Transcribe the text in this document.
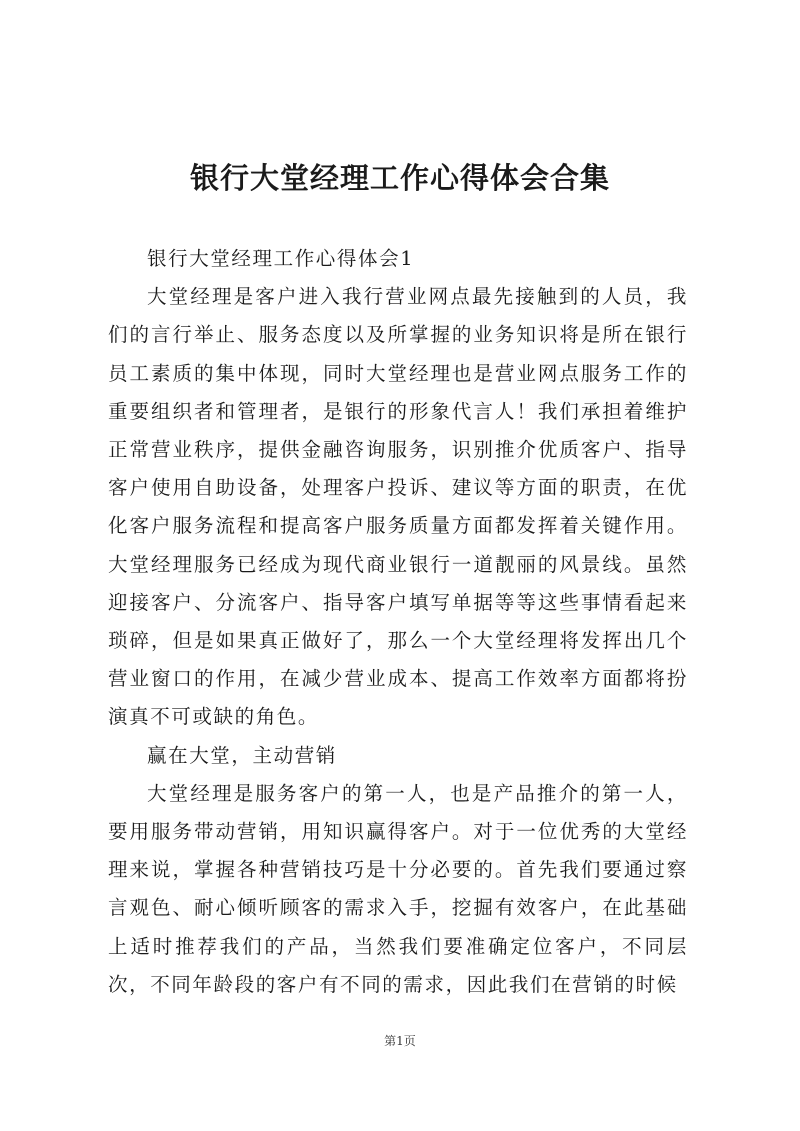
银行大堂经理工作心得体会合集

银行大堂经理工作心得体会1

大堂经理是客户进入我行营业网点最先接触到的人员，我们的言行举止、服务态度以及所掌握的业务知识将是所在银行员工素质的集中体现，同时大堂经理也是营业网点服务工作的重要组织者和管理者，是银行的形象代言人！我们承担着维护正常营业秩序，提供金融咨询服务，识别推介优质客户、指导客户使用自助设备，处理客户投诉、建议等方面的职责，在优化客户服务流程和提高客户服务质量方面都发挥着关键作用。大堂经理服务已经成为现代商业银行一道靓丽的风景线。虽然迎接客户、分流客户、指导客户填写单据等等这些事情看起来琐碎，但是如果真正做好了，那么一个大堂经理将发挥出几个营业窗口的作用，在减少营业成本、提高工作效率方面都将扮演真不可或缺的角色。

赢在大堂，主动营销

大堂经理是服务客户的第一人，也是产品推介的第一人，要用服务带动营销，用知识赢得客户。对于一位优秀的大堂经理来说，掌握各种营销技巧是十分必要的。首先我们要通过察言观色、耐心倾听顾客的需求入手，挖掘有效客户，在此基础上适时推荐我们的产品，当然我们要准确定位客户，不同层次，不同年龄段的客户有不同的需求，因此我们在营销的时候

第1页
